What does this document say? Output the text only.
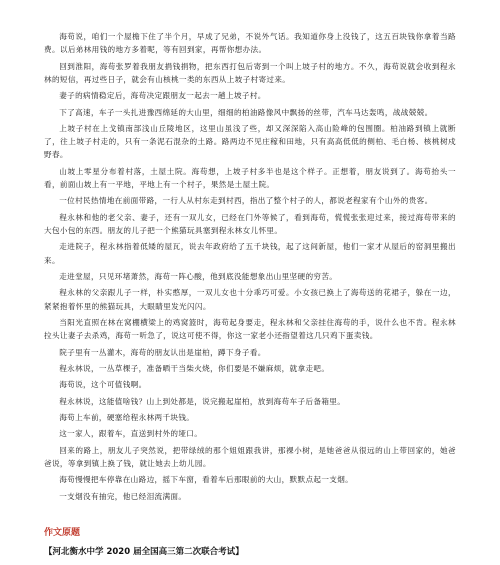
海苟说，咱们一个屋檐下住了半个月，早成了兄弟，不说外气话。我知道你身上没钱了，这五百块钱你拿着当路费。以后弟林用钱的地方多着呢，等有回到家，再帮你想办法。

回到淮阳，海苟张罗着我朋友捐钱捐物，把东西打包后寄到一个叫上坡子村的地方。不久，海苟说就会收到程永林的短信，再过些日子，就会有山核桃一类的东西从上坡子村寄过来。

妻子的病情稳定后，海苟决定跟朋友一起去一趟上坡子村。

下了高速，车子一头扎进豫西绵延的大山里，细细的柏油路像风中飘扬的丝带，汽车马达轰鸣，战战兢兢。

上坡子村在上戈镇南部浅山丘陵地区，这里山虽浅了些，却又深深陷入高山险峰的包围圈。柏油路到镇上就断了，往上坡子村走的，只有一条泥石混杂的土路。路两边不见庄稼和田地，只有高高低低的侧柏、毛白杨、核桃树戍野春。

山坡上零星分布着村落，土屋土院。海苟想，上坡子村多半也是这个样子。正想着，朋友说到了。海苟抬头一看，前面山坡上有一平地，平地上有一个村子，果然是土屋土院。

一位村民热情地在前面带路，一行人从村东走到村西，指出了整个村子的人，都说老程家有个山外的贵客。

程永林和他的老父亲、妻子，还有一双儿女，已经在门外等候了，看到海苟，慌慌张张迎过来，接过海苟带来的大包小包的东西。朋友的儿子把一个熊猫玩具塞到程永林女儿怀里。

走进院子，程永林指着低矮的屋瓦，说去年政府给了五千块钱，起了这间新屋，他们一家才从屋后的窑洞里搬出来。

走进堂屋，只见环堵萧然，海苟一阵心酸，他到底没能想象出山里坚硬的穷苦。

程永林的父亲跟儿子一样，朴实憨厚，一双儿女也十分乖巧可爱。小女孩已换上了海苟送的花裙子，躲在一边，紧紧抱着怀里的熊猫玩具，大眼睛里发光闪闪。

当阳光直照在林在窝棚横梁上的鸡窝篮时，海苟起身要走，程永林和父亲挂住海苟的手，说什么也不肯。程永林拉头让妻子去杀鸡，海苟一听急了，说这可使不得，你这一家老小还指望着这几只鸡下蛋卖钱。

院子里有一丛灌木，海苟的朋友认出是崖柏，蹲下身子看。

程永林说，一丛草棵子，准备晒干当柴火烧，你们要是不嫌麻烦，就拿走吧。

海苟说，这个可值钱啊。

程永林说，这能值啥钱？山上到处都是，说完搬起崖柏，放到海苟车子后备箱里。

海苟上车前，硬塞给程永林两千块钱。

这一家人，跟着车，直送到村外的垭口。

回来的路上，朋友儿子突然说，把带绿绒的那个姐姐跟我讲，那裸小树，是她爸爸从很远的山上带回家的，她爸爸说，等拿到镇上换了钱，就让她去上幼儿园。

海苟慢慢把车停靠在山路边，摇下车窗，看着车后那眼前的大山，默默点起一支烟。

一支烟没有抽完，他已经泪流满面。

作文原题

【河北衡水中学 2020 届全国高三第二次联合考试】
